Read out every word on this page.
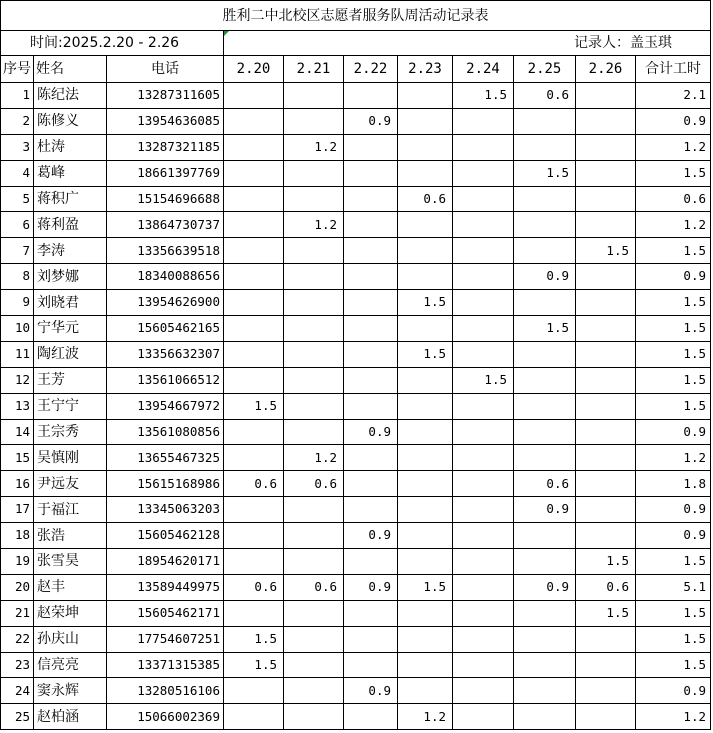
胜利二中北校区志愿者服务队周活动记录表										
时间:2025.2.20 - 2.26			记录人：盖玉琪							
序号	姓名	电话	2.20	2.21	2.22	2.23	2.24	2.25	2.26	合计工时
1	陈纪法	13287311605					1.5	0.6		2.1
2	陈修义	13954636085			0.9					0.9
3	杜涛	13287321185		1.2						1.2
4	葛峰	18661397769						1.5		1.5
5	蒋积广	15154696688				0.6				0.6
6	蒋利盈	13864730737		1.2						1.2
7	李涛	13356639518							1.5	1.5
8	刘梦娜	18340088656						0.9		0.9
9	刘晓君	13954626900				1.5				1.5
10	宁华元	15605462165						1.5		1.5
11	陶红波	13356632307				1.5				1.5
12	王芳	13561066512					1.5			1.5
13	王宁宁	13954667972	1.5							1.5
14	王宗秀	13561080856			0.9					0.9
15	吴慎刚	13655467325		1.2						1.2
16	尹远友	15615168986	0.6	0.6				0.6		1.8
17	于福江	13345063203						0.9		0.9
18	张浩	15605462128			0.9					0.9
19	张雪昊	18954620171							1.5	1.5
20	赵丰	13589449975	0.6	0.6	0.9	1.5		0.9	0.6	5.1
21	赵荣坤	15605462171							1.5	1.5
22	孙庆山	17754607251	1.5							1.5
23	信亮亮	13371315385	1.5							1.5
24	窦永辉	13280516106			0.9					0.9
25	赵柏涵	15066002369				1.2				1.2
